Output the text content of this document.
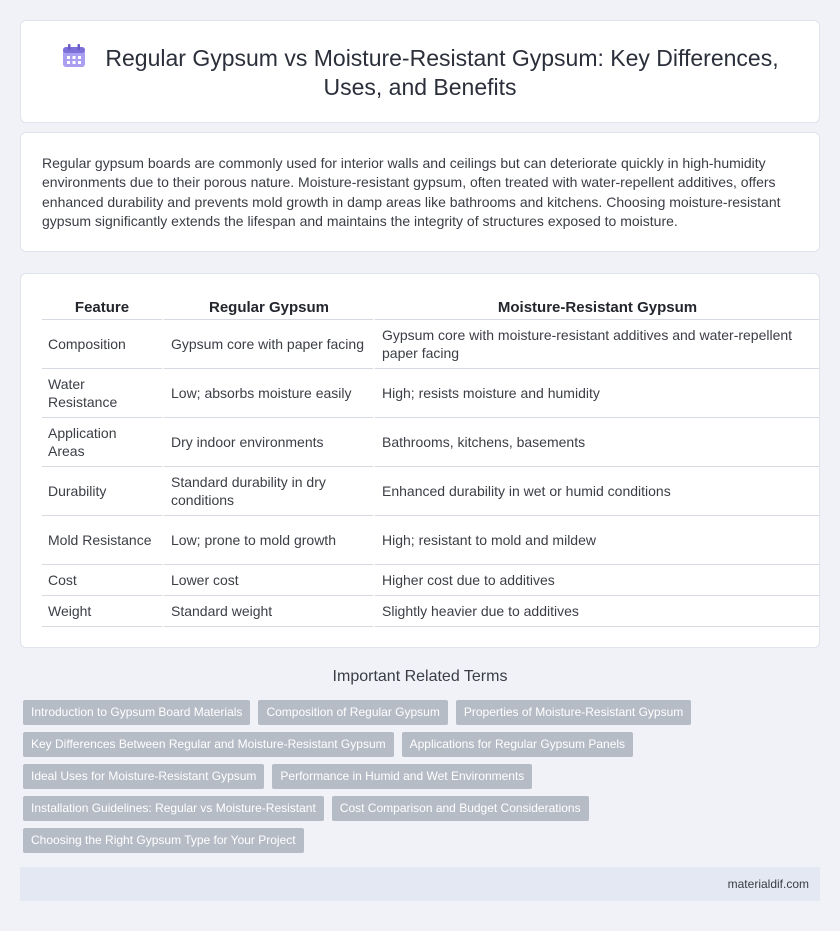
Regular Gypsum vs Moisture-Resistant Gypsum: Key Differences, Uses, and Benefits

Regular gypsum boards are commonly used for interior walls and ceilings but can deteriorate quickly in high-humidity environments due to their porous nature. Moisture-resistant gypsum, often treated with water-repellent additives, offers enhanced durability and prevents mold growth in damp areas like bathrooms and kitchens. Choosing moisture-resistant gypsum significantly extends the lifespan and maintains the integrity of structures exposed to moisture.

Feature	Regular Gypsum	Moisture-Resistant Gypsum
Composition	Gypsum core with paper facing	Gypsum core with moisture-resistant additives and water-repellent paper facing
Water Resistance	Low; absorbs moisture easily	High; resists moisture and humidity
Application Areas	Dry indoor environments	Bathrooms, kitchens, basements
Durability	Standard durability in dry conditions	Enhanced durability in wet or humid conditions
Mold Resistance	Low; prone to mold growth	High; resistant to mold and mildew
Cost	Lower cost	Higher cost due to additives
Weight	Standard weight	Slightly heavier due to additives
Important Related Terms
Introduction to Gypsum Board Materials	Composition of Regular Gypsum	Properties of Moisture-Resistant Gypsum
Key Differences Between Regular and Moisture-Resistant Gypsum	Applications for Regular Gypsum Panels
Ideal Uses for Moisture-Resistant Gypsum	Performance in Humid and Wet Environments
Installation Guidelines: Regular vs Moisture-Resistant	Cost Comparison and Budget Considerations
Choosing the Right Gypsum Type for Your Project
materialdif.com
